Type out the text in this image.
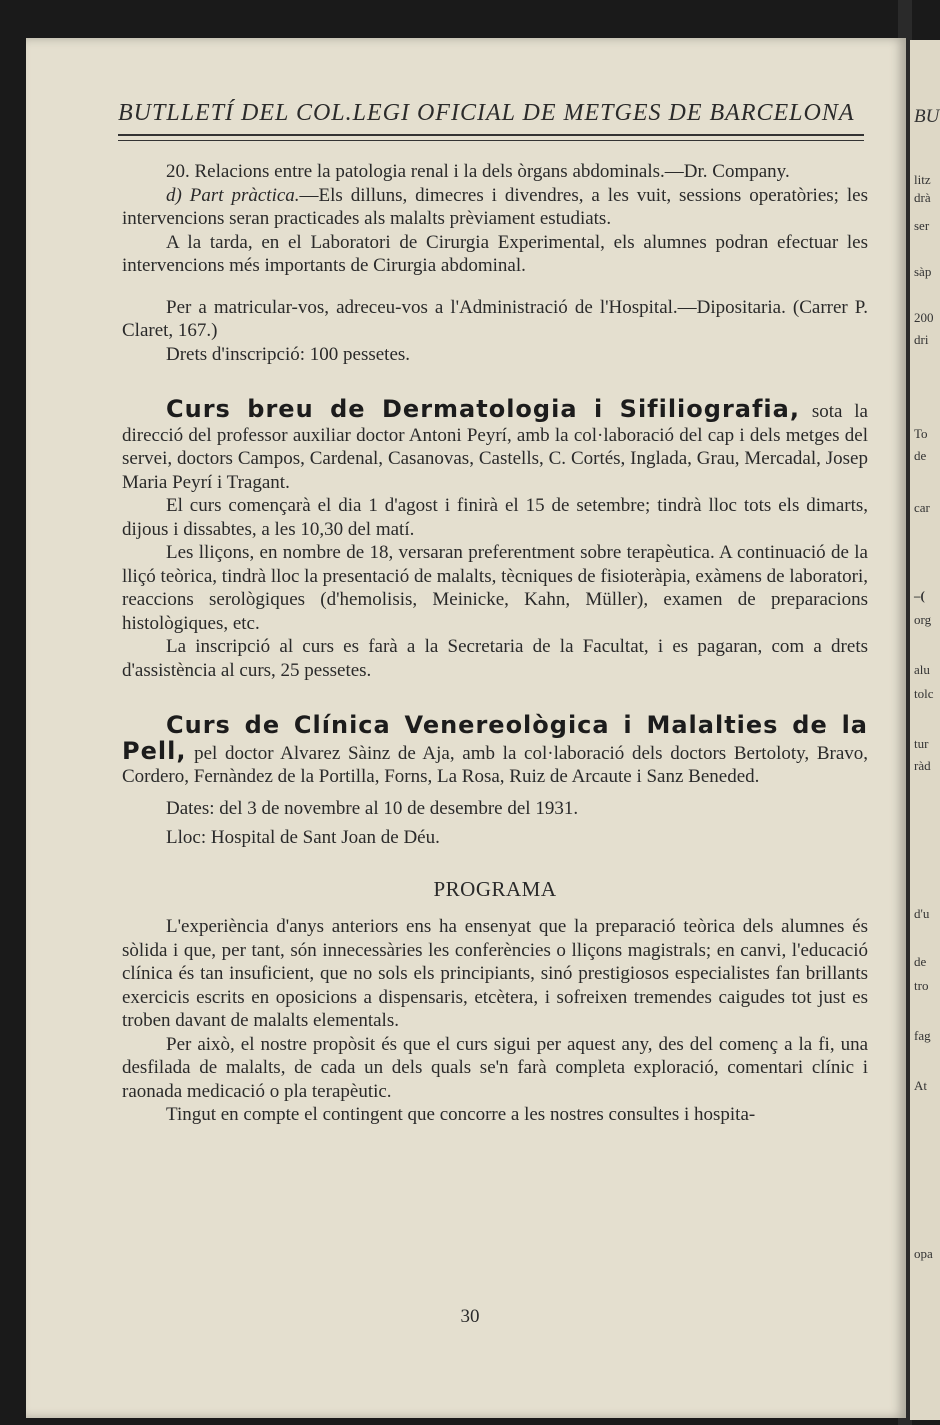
BU
litz
drà
ser
sàp
200
dri
To
de
car
–(
org
alu
tolc
tur
ràd
d'u
de
tro
fag
At
opa
BUTLLETÍ DEL COL.LEGI OFICIAL DE METGES DE BARCELONA

20. Relacions entre la patologia renal i la dels òrgans abdominals.—Dr. Company.

d) Part pràctica.—Els dilluns, dimecres i divendres, a les vuit, sessions operatòries; les intervencions seran practicades als malalts prèviament estudiats.

A la tarda, en el Laboratori de Cirurgia Experimental, els alumnes podran efectuar les intervencions més importants de Cirurgia abdominal.

Per a matricular-vos, adreceu-vos a l'Administració de l'Hospital.—Dipositaria. (Carrer P. Claret, 167.)

Drets d'inscripció: 100 pessetes.

Curs breu de Dermatologia i Sifiliografia, sota la direcció del professor auxiliar doctor Antoni Peyrí, amb la col·laboració del cap i dels metges del servei, doctors Campos, Cardenal, Casanovas, Castells, C. Cortés, Inglada, Grau, Mercadal, Josep Maria Peyrí i Tragant.

El curs començarà el dia 1 d'agost i finirà el 15 de setembre; tindrà lloc tots els dimarts, dijous i dissabtes, a les 10,30 del matí.

Les lliçons, en nombre de 18, versaran preferentment sobre terapèutica. A continuació de la lliçó teòrica, tindrà lloc la presentació de malalts, tècniques de fisioteràpia, exàmens de laboratori, reaccions serològiques (d'hemolisis, Meinicke, Kahn, Müller), examen de preparacions histològiques, etc.

La inscripció al curs es farà a la Secretaria de la Facultat, i es pagaran, com a drets d'assistència al curs, 25 pessetes.

Curs de Clínica Venereològica i Malalties de la Pell, pel doctor Alvarez Sàinz de Aja, amb la col·laboració dels doctors Bertoloty, Bravo, Cordero, Fernàndez de la Portilla, Forns, La Rosa, Ruiz de Arcaute i Sanz Beneded.

Dates: del 3 de novembre al 10 de desembre del 1931.

Lloc: Hospital de Sant Joan de Déu.

PROGRAMA

L'experiència d'anys anteriors ens ha ensenyat que la preparació teòrica dels alumnes és sòlida i que, per tant, són innecessàries les conferències o lliçons magistrals; en canvi, l'educació clínica és tan insuficient, que no sols els principiants, sinó prestigiosos especialistes fan brillants exercicis escrits en oposicions a dispensaris, etcètera, i sofreixen tremendes caigudes tot just es troben davant de malalts elementals.

Per això, el nostre propòsit és que el curs sigui per aquest any, des del començ a la fi, una desfilada de malalts, de cada un dels quals se'n farà completa exploració, comentari clínic i raonada medicació o pla terapèutic.

Tingut en compte el contingent que concorre a les nostres consultes i hospita-

30
